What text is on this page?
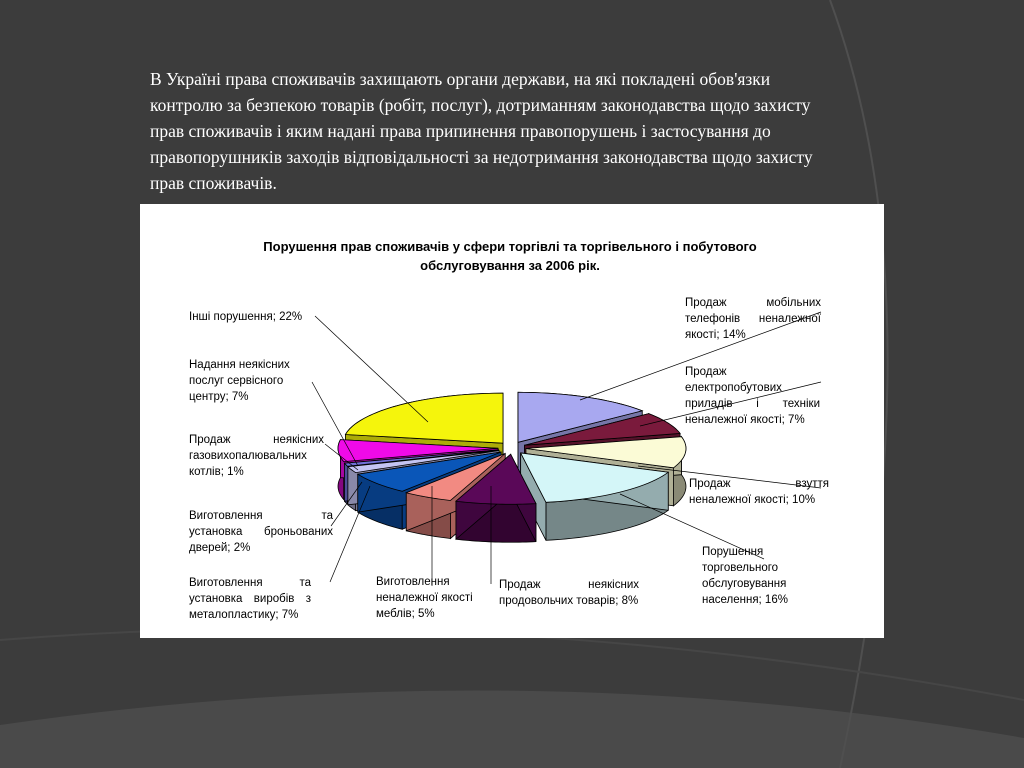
В Україні права споживачів захищають органи держави, на які покладені обов'язки контролю за безпекою товарів (робіт, послуг), дотриманням законодавства щодо захисту прав споживачів і яким надані права припинення правопорушень і застосування до правопорушників заходів відповідальності за недотримання законодавства щодо захисту прав споживачів.
Порушення прав споживачів у сфери торгівлі та торгівельного і побутового обслуговування за 2006 рік.
Інші порушення; 22%
Надання неякісних послуг сервісного центру; 7%
Продаж неякісних газовихопалювальних котлів; 1%
Виготовлення та установка броньованих дверей; 2%
Виготовлення та установка виробів з металопластику; 7%
Виготовлення неналежної якості меблів; 5%
Продаж неякісних продовольчих товарів; 8%
Порушення торговельного обслуговування населення; 16%
Продаж взуття неналежної якості; 10%
Продаж електропобутових приладів і техніки неналежної якості; 7%
Продаж мобільних телефонів неналежної якості; 14%
